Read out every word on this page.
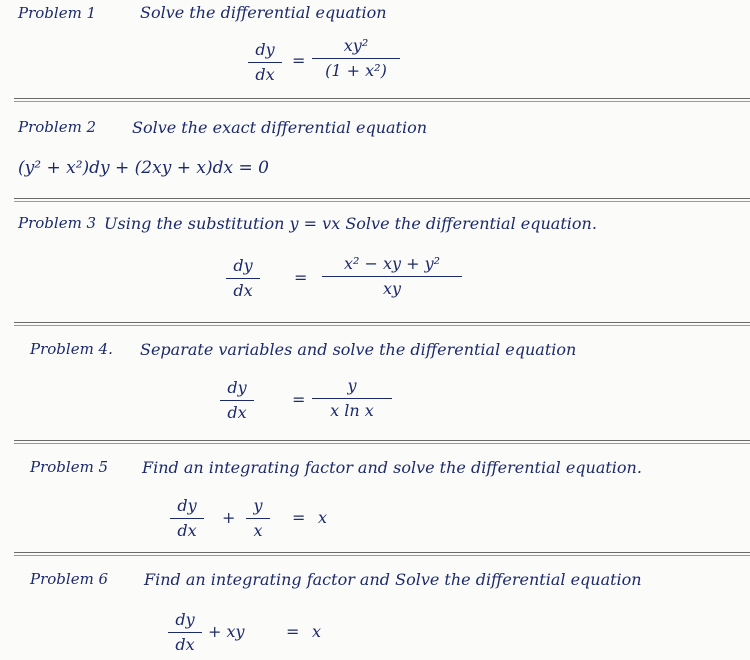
Problem 1	Solve the differential equation
dy
dx
=
xy²
(1 + x²)
Problem 2 Solve the exact differential equation
(y² + x²)dy + (2xy + x)dx = 0
Problem 3 Using the substitution y = vx Solve the differential equation.
dy
dx
=
x² − xy + y²
xy
Problem 4. Separate variables and solve the differential equation
dy
dx
=
y
x ln x
Problem 5 Find an integrating factor and solve the differential equation.
dy
dx
+
y
x
= x
Problem 6 Find an integrating factor and Solve the differential equation
dy
dx
+ xy	= x
